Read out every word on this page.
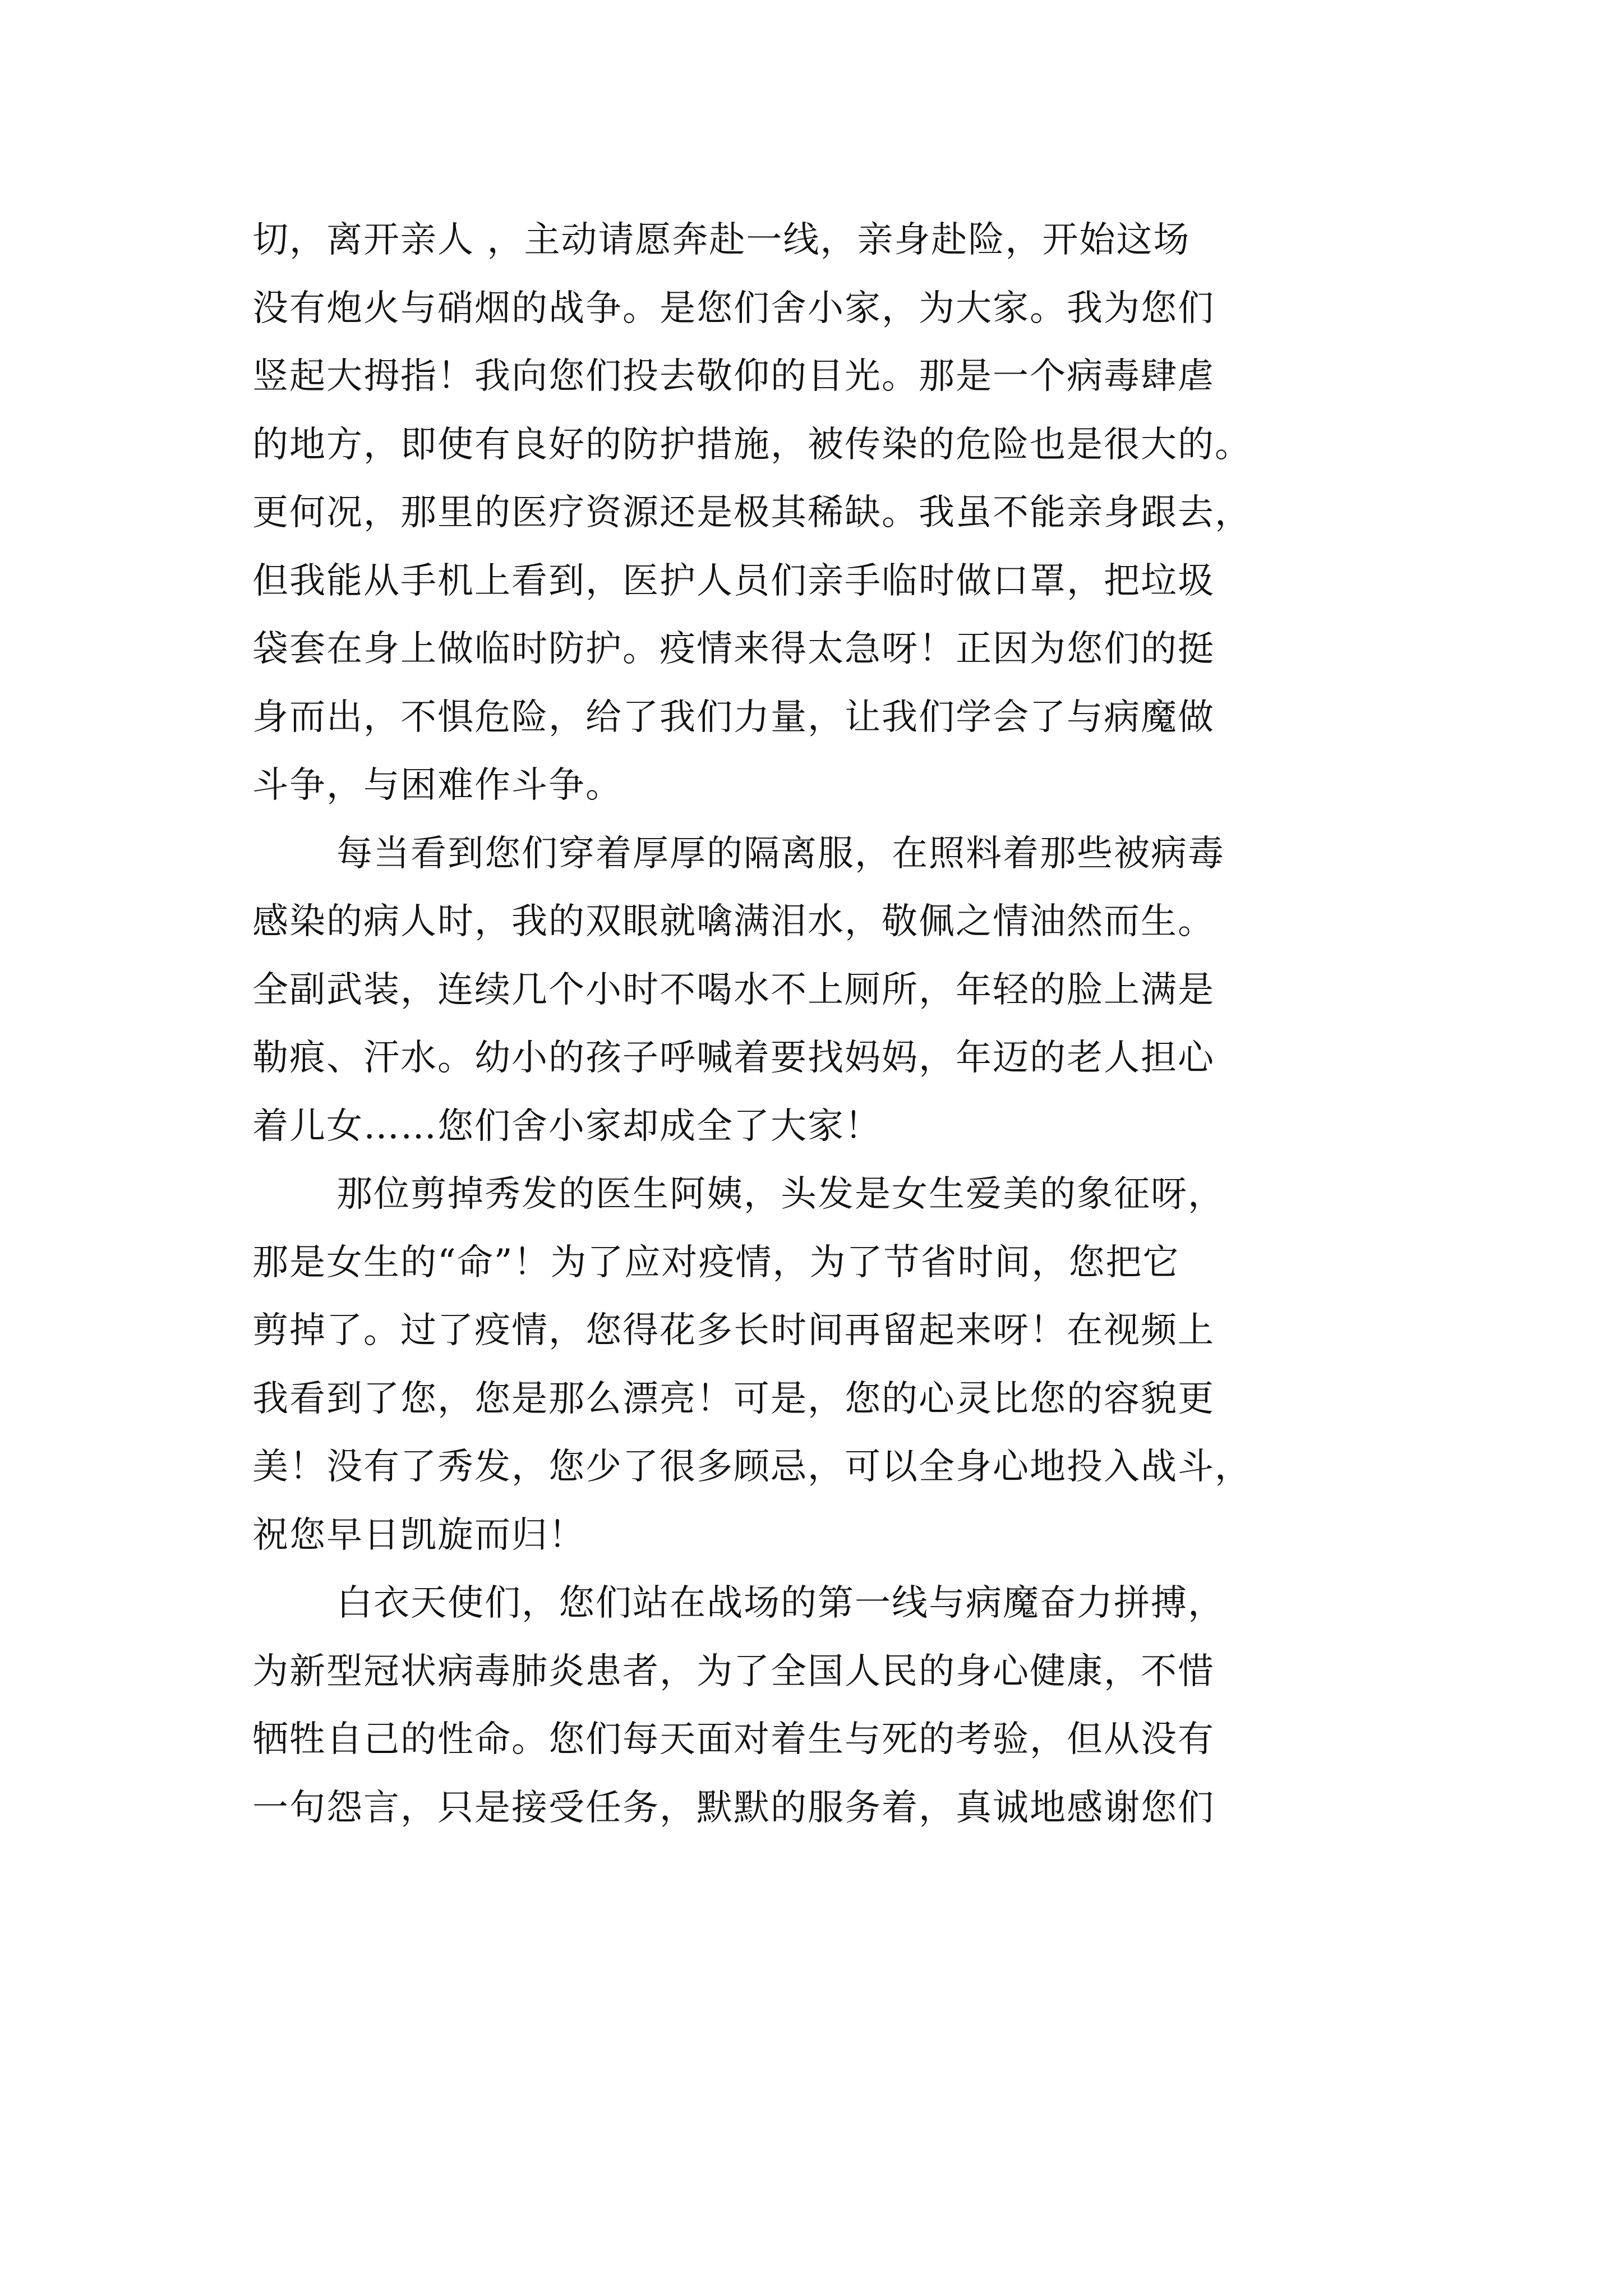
切，离开亲人 ，主动请愿奔赴一线，亲身赴险，开始这场
没有炮火与硝烟的战争。是您们舍小家，为大家。我为您们
竖起大拇指！我向您们投去敬仰的目光。那是一个病毒肆虐
的地方，即使有良好的防护措施，被传染的危险也是很大的。
更何况，那里的医疗资源还是极其稀缺。我虽不能亲身跟去，
但我能从手机上看到，医护人员们亲手临时做口罩，把垃圾
袋套在身上做临时防护。疫情来得太急呀！正因为您们的挺
身而出，不惧危险，给了我们力量，让我们学会了与病魔做
斗争，与困难作斗争。
每当看到您们穿着厚厚的隔离服，在照料着那些被病毒
感染的病人时，我的双眼就噙满泪水，敬佩之情油然而生。
全副武装，连续几个小时不喝水不上厕所，年轻的脸上满是
勒痕、汗水。幼小的孩子呼喊着要找妈妈，年迈的老人担心
着儿女……您们舍小家却成全了大家！
那位剪掉秀发的医生阿姨，头发是女生爱美的象征呀，
那是女生的“命”！为了应对疫情，为了节省时间，您把它
剪掉了。过了疫情，您得花多长时间再留起来呀！在视频上
我看到了您，您是那么漂亮！可是，您的心灵比您的容貌更
美！没有了秀发，您少了很多顾忌，可以全身心地投入战斗，
祝您早日凯旋而归！
白衣天使们，您们站在战场的第一线与病魔奋力拼搏，
为新型冠状病毒肺炎患者，为了全国人民的身心健康，不惜
牺牲自己的性命。您们每天面对着生与死的考验，但从没有
一句怨言，只是接受任务，默默的服务着，真诚地感谢您们
